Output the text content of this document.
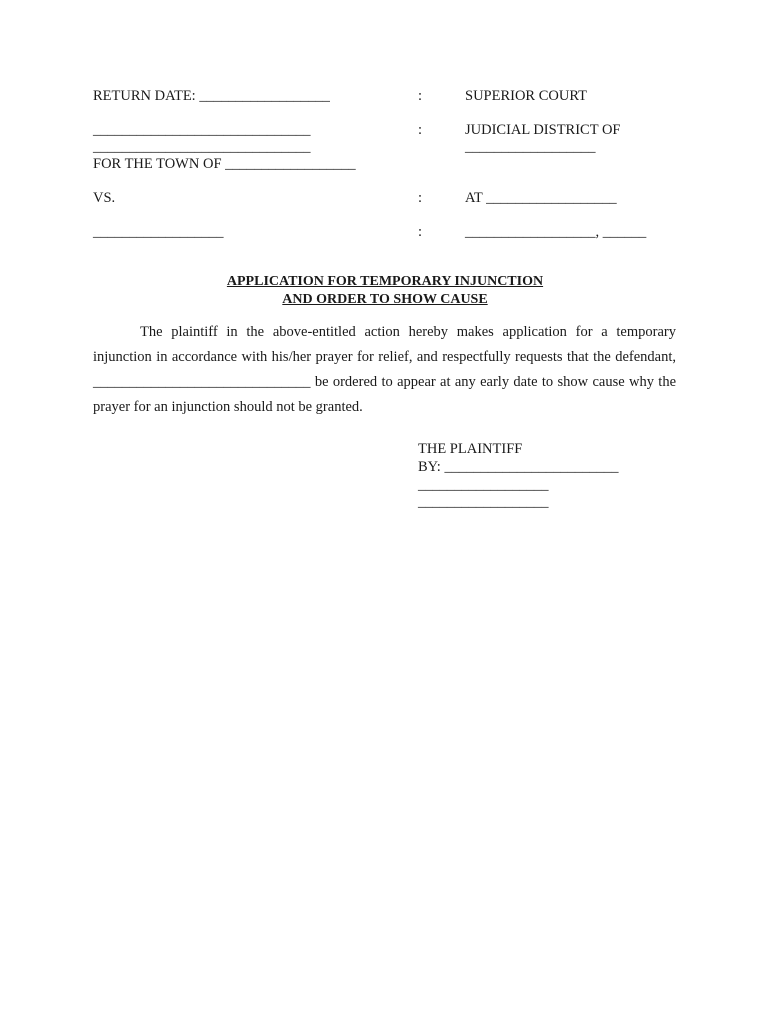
RETURN DATE: __________________
______________________________
______________________________
FOR THE TOWN OF __________________
VS.
__________________
:
:
:
:
SUPERIOR COURT
JUDICIAL DISTRICT OF
__________________
AT __________________
__________________, ______
APPLICATION FOR TEMPORARY INJUNCTION
AND ORDER TO SHOW CAUSE
The plaintiff in the above-entitled action hereby makes application for a temporary injunction in accordance with his/her prayer for relief, and respectfully requests that the defendant, ______________________________ be ordered to appear at any early date to show cause why the prayer for an injunction should not be granted.
THE PLAINTIFF
BY: ________________________
__________________
__________________
